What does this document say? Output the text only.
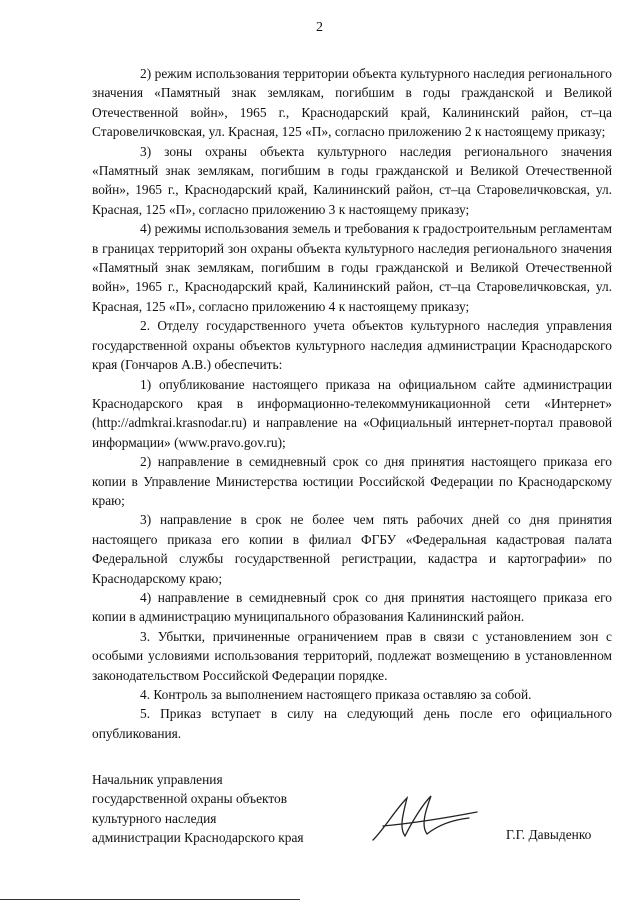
2

2) режим использования территории объекта культурного наследия регионального значения «Памятный знак землякам, погибшим в годы гражданской и Великой Отечественной войн», 1965 г., Краснодарский край, Калининский район, ст–ца Старовеличковская, ул. Красная, 125 «П», согласно приложению 2 к настоящему приказу;

3) зоны охраны объекта культурного наследия регионального значения «Памятный знак землякам, погибшим в годы гражданской и Великой Отечественной войн», 1965 г., Краснодарский край, Калининский район, ст–ца Старовеличковская, ул. Красная, 125 «П», согласно приложению 3 к настоящему приказу;

4) режимы использования земель и требования к градостроительным регламентам в границах территорий зон охраны объекта культурного наследия регионального значения «Памятный знак землякам, погибшим в годы гражданской и Великой Отечественной войн», 1965 г., Краснодарский край, Калининский район, ст–ца Старовеличковская, ул. Красная, 125 «П», согласно приложению 4 к настоящему приказу;

2. Отделу государственного учета объектов культурного наследия управления государственной охраны объектов культурного наследия администрации Краснодарского края (Гончаров А.В.) обеспечить:

1) опубликование настоящего приказа на официальном сайте администрации Краснодарского края в информационно-телекоммуникационной сети «Интернет» (http://admkrai.krasnodar.ru) и направление на «Официальный интернет-портал правовой информации» (www.pravo.gov.ru);

2) направление в семидневный срок со дня принятия настоящего приказа его копии в Управление Министерства юстиции Российской Федерации по Краснодарскому краю;

3) направление в срок не более чем пять рабочих дней со дня принятия настоящего приказа его копии в филиал ФГБУ «Федеральная кадастровая палата Федеральной службы государственной регистрации, кадастра и картографии» по Краснодарскому краю;

4) направление в семидневный срок со дня принятия настоящего приказа его копии в администрацию муниципального образования Калининский район.

3. Убытки, причиненные ограничением прав в связи с установлением зон с особыми условиями использования территорий, подлежат возмещению в установленном законодательством Российской Федерации порядке.

4. Контроль за выполнением настоящего приказа оставляю за собой.

5. Приказ вступает в силу на следующий день после его официального опубликования.

Начальник управления
государственной охраны объектов
культурного наследия
администрации Краснодарского края	Г.Г. Давыденко
